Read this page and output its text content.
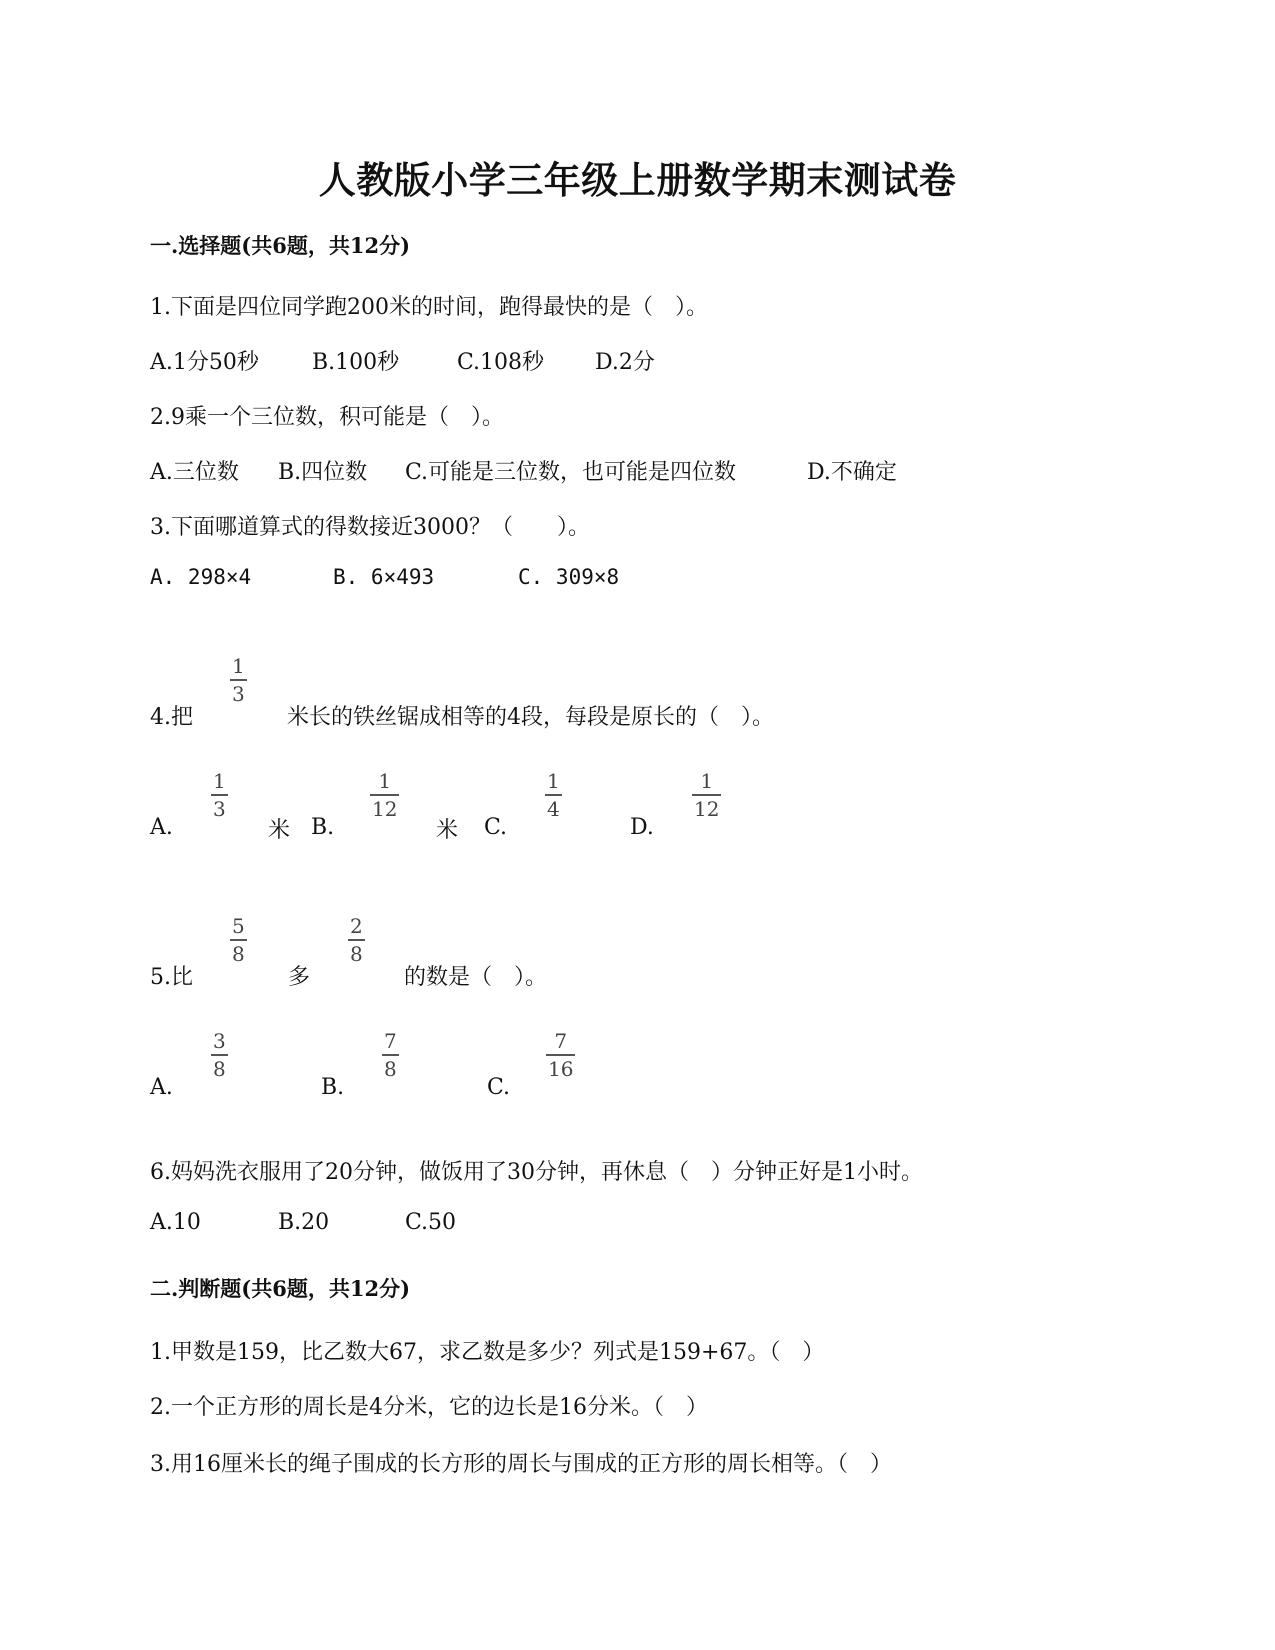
人教版小学三年级上册数学期末测试卷
一.选择题(共6题，共12分)
1.下面是四位同学跑200米的时间，跑得最快的是（　）。
A.1分50秒 B.100秒	C.108秒 D.2分
2.9乘一个三位数，积可能是（　）。
A.三位数 B.四位数 C.可能是三位数，也可能是四位数	D.不确定
3.下面哪道算式的得数接近3000？（　　）。
A. 298×4	B. 6×493	C. 309×8
4.把
1
3
米长的铁丝锯成相等的4段，每段是原长的（　）。
A.
1
3
米 B.
1
12
米 C.
1
4
D.
1
12
5.比
5
8
多
2
8
的数是（　）。
A.
3
8
B.
7
8
C.
7
16
6.妈妈洗衣服用了20分钟，做饭用了30分钟，再休息（　）分钟正好是1小时。
A.10	B.20	C.50
二.判断题(共6题，共12分)
1.甲数是159，比乙数大67，求乙数是多少？列式是159+67。（　）
2.一个正方形的周长是4分米，它的边长是16分米。（　）
3.用16厘米长的绳子围成的长方形的周长与围成的正方形的周长相等。（　）
